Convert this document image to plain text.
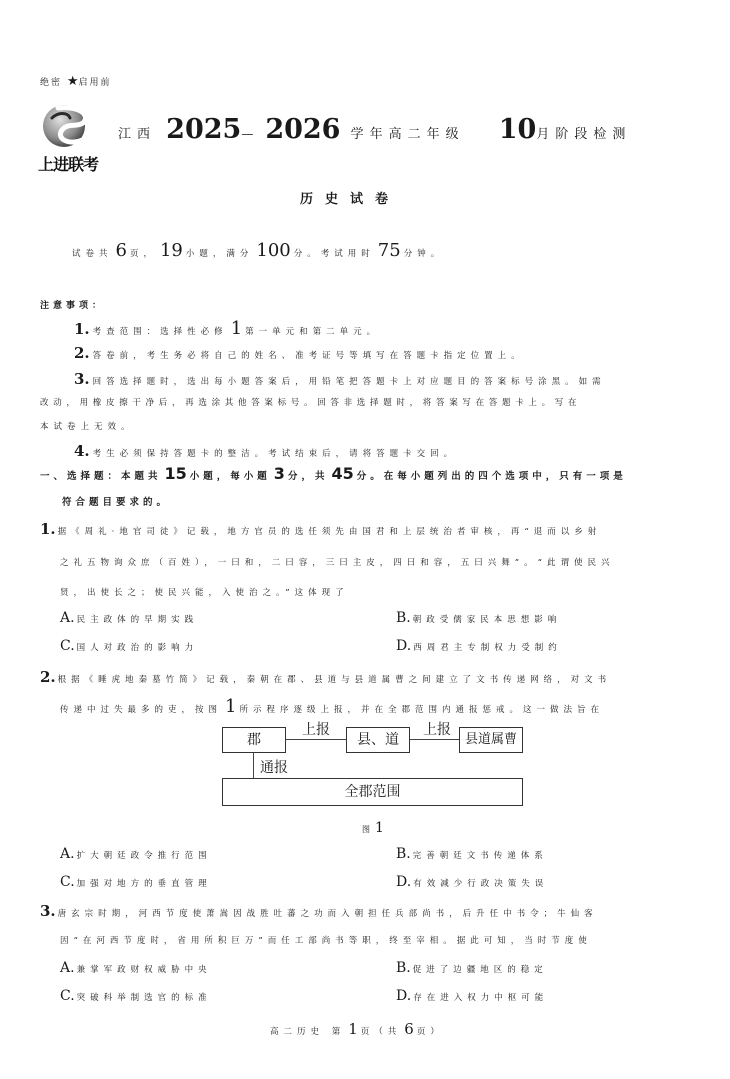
绝密 ★启用前
上进联考
江西 2025— 2026 学年高二年级 10月阶段检测
历史试卷
试卷共 6 页， 19 小题，满分 100 分。考试用时 75 分钟。
注意事项：
1. 考查范围：选择性必修 1 第一单元和第二单元。
2. 答卷前，考生务必将自己的姓名、准考证号等填写在答题卡指定位置上。
3. 回答选择题时，选出每小题答案后，用铅笔把答题卡上对应题目的答案标号涂黑。如需
改动，用橡皮擦干净后，再选涂其他答案标号。回答非选择题时，将答案写在答题卡上。写在
本试卷上无效。
4. 考生必须保持答题卡的整洁。考试结束后，请将答题卡交回。
一、选择题：本题共 15 小题，每小题 3 分，共 45 分。在每小题列出的四个选项中，只有一项是
符合题目要求的。
1. 据《周礼·地官司徒》记载，地方官员的选任须先由国君和上层统治者审核，再“退而以乡射
之礼五物询众庶（百姓），一曰和，二曰容，三曰主皮，四曰和容，五曰兴舞”。“此谓使民兴
贤，出使长之；使民兴能，入使治之。”这体现了
A. 民主政体的早期实践	B. 朝政受儒家民本思想影响
C. 国人对政治的影响力	D. 西周君主专制权力受制约
2. 根据《睡虎地秦墓竹简》记载，秦朝在郡、县道与县道属曹之间建立了文书传递网络，对文书
传递中过失最多的吏，按图 1 所示程序逐级上报，并在全郡范围内通报惩戒。这一做法旨在
郡	县、道	县道属曹
全郡范围
上报	上报
通报
图 1
A. 扩大朝廷政令推行范围	B. 完善朝廷文书传递体系
C. 加强对地方的垂直管理	D. 有效减少行政决策失误
3. 唐玄宗时期，河西节度使萧嵩因战胜吐蕃之功而入朝担任兵部尚书，后升任中书令；牛仙客
因“在河西节度时，省用所积巨万”而任工部尚书等职，终至宰相。据此可知，当时节度使
A. 兼掌军政财权威胁中央	B. 促进了边疆地区的稳定
C. 突破科举制选官的标准	D. 存在进入权力中枢可能
高二历史 第 1 页（共 6 页）
